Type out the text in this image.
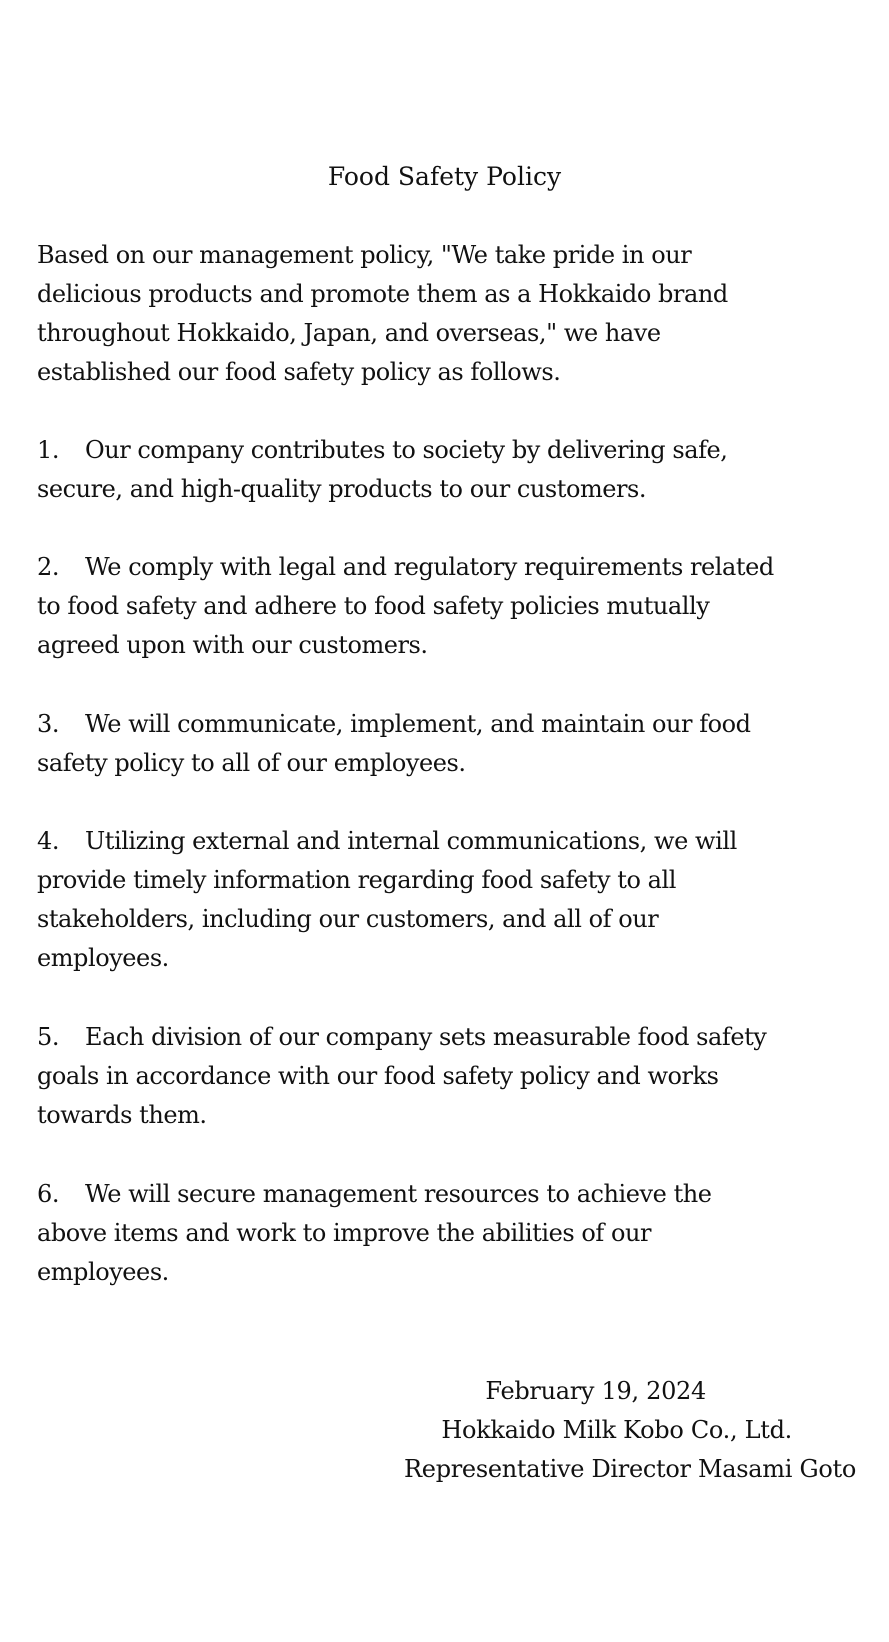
Food Safety Policy
Based on our management policy, "We take pride in our
delicious products and promote them as a Hokkaido brand
throughout Hokkaido, Japan, and overseas," we have
established our food safety policy as follows.
1. Our company contributes to society by delivering safe,
secure, and high-quality products to our customers.
2. We comply with legal and regulatory requirements related
to food safety and adhere to food safety policies mutually
agreed upon with our customers.
3. We will communicate, implement, and maintain our food
safety policy to all of our employees.
4. Utilizing external and internal communications, we will
provide timely information regarding food safety to all
stakeholders, including our customers, and all of our
employees.
5. Each division of our company sets measurable food safety
goals in accordance with our food safety policy and works
towards them.
6. We will secure management resources to achieve the
above items and work to improve the abilities of our
employees.
February 19, 2024
Hokkaido Milk Kobo Co., Ltd.
Representative Director Masami Goto
